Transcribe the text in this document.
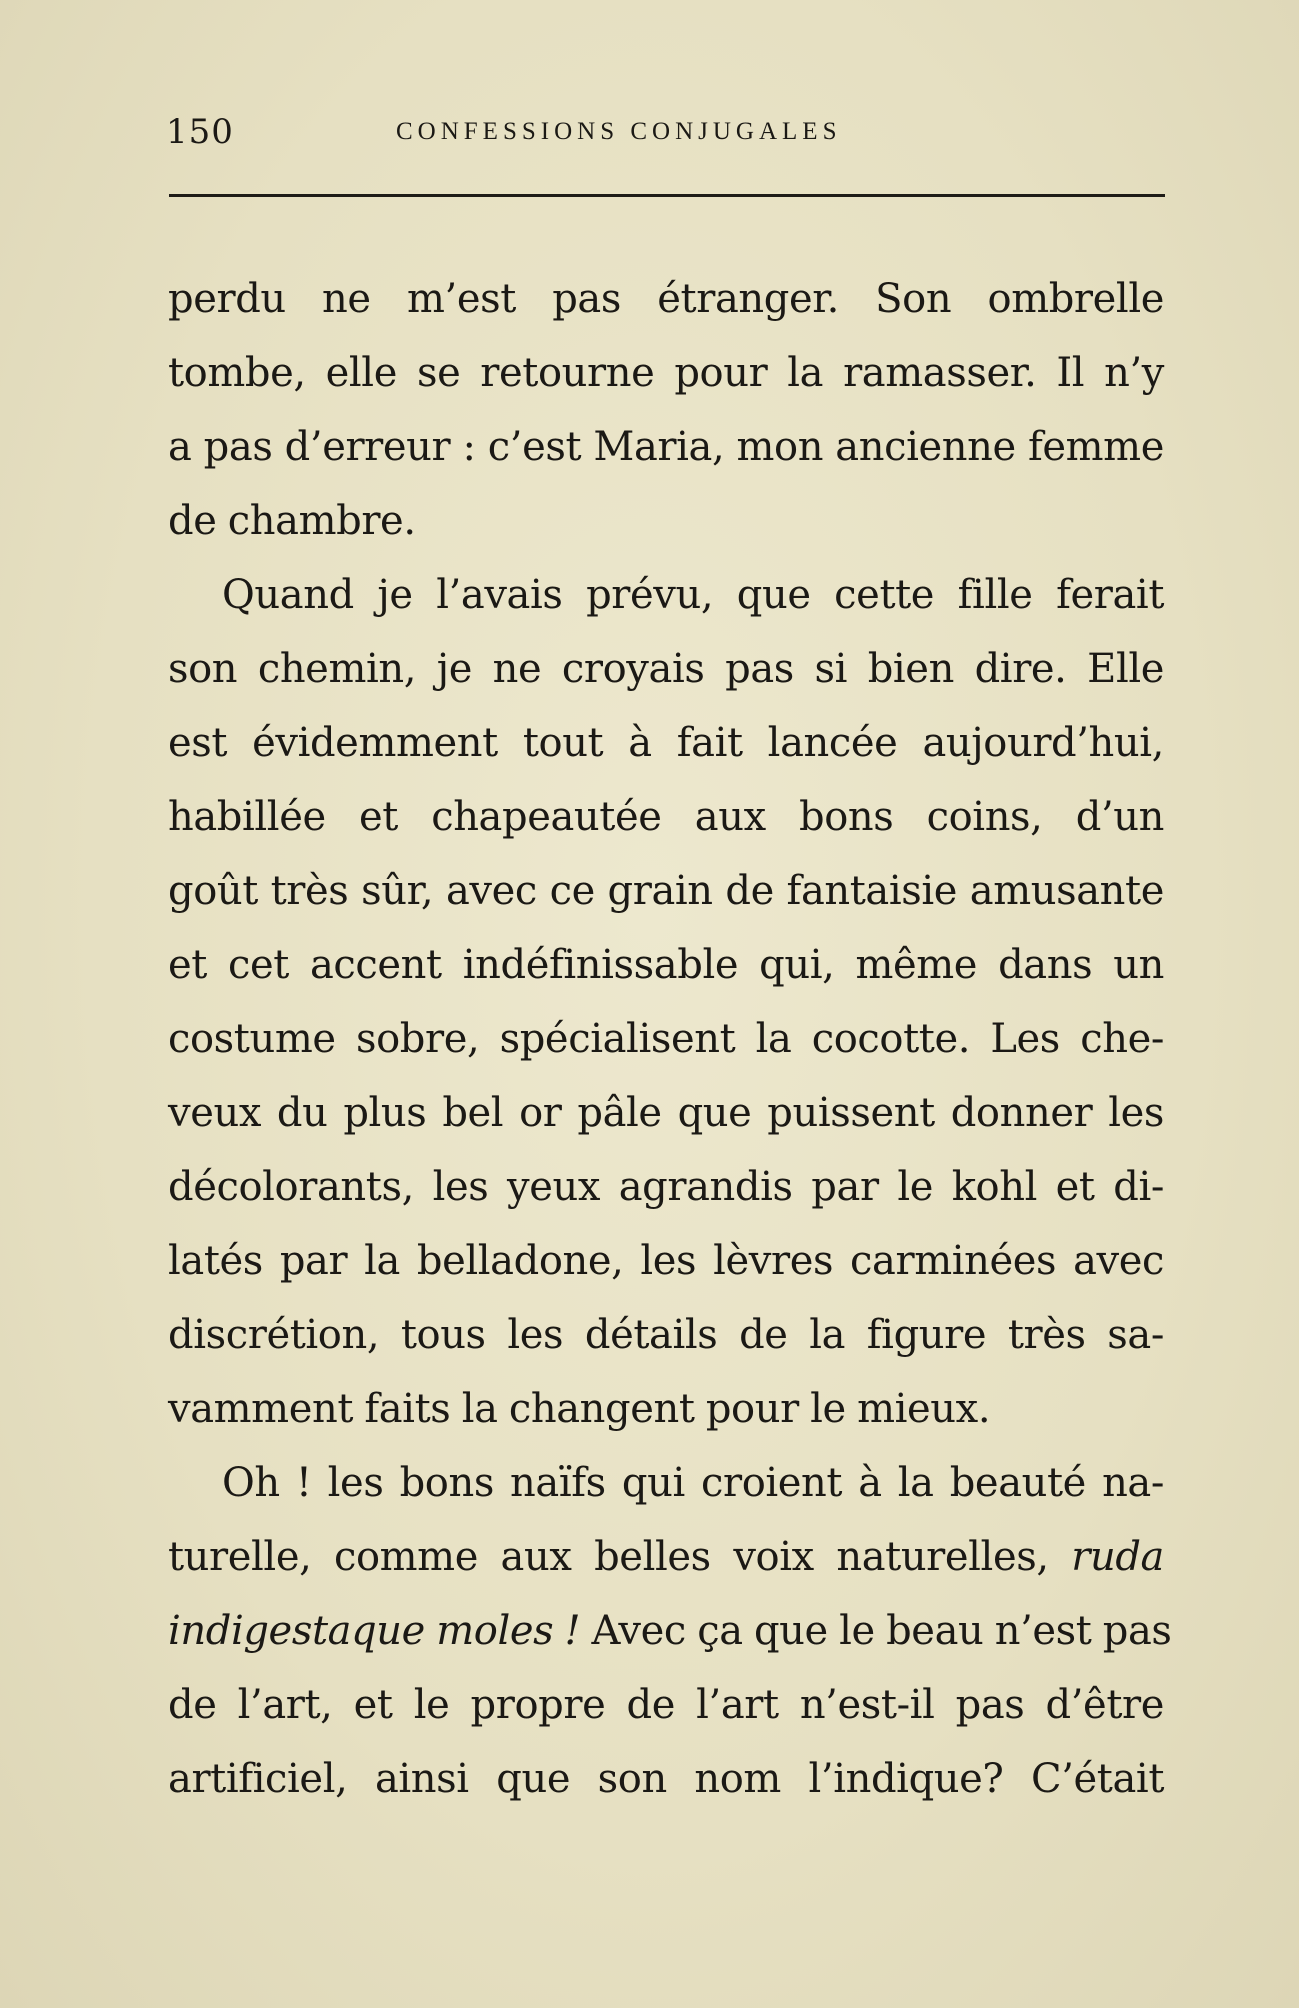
150	CONFESSIONS CONJUGALES
perdu ne m’est pas étranger. Son ombrelle
tombe, elle se retourne pour la ramasser. Il n’y
a pas d’erreur : c’est Maria, mon ancienne femme
de chambre.
Quand je l’avais prévu, que cette fille ferait
son chemin, je ne croyais pas si bien dire. Elle
est évidemment tout à fait lancée aujourd’hui,
habillée et chapeautée aux bons coins, d’un
goût très sûr, avec ce grain de fantaisie amusante
et cet accent indéfinissable qui, même dans un
costume sobre, spécialisent la cocotte. Les che-
veux du plus bel or pâle que puissent donner les
décolorants, les yeux agrandis par le kohl et di-
latés par la belladone, les lèvres carminées avec
discrétion, tous les détails de la figure très sa-
vamment faits la changent pour le mieux.
Oh ! les bons naïfs qui croient à la beauté na-
turelle, comme aux belles voix naturelles, ruda
indigestaque moles ! Avec ça que le beau n’est pas
de l’art, et le propre de l’art n’est-il pas d’être
artificiel, ainsi que son nom l’indique? C’était
